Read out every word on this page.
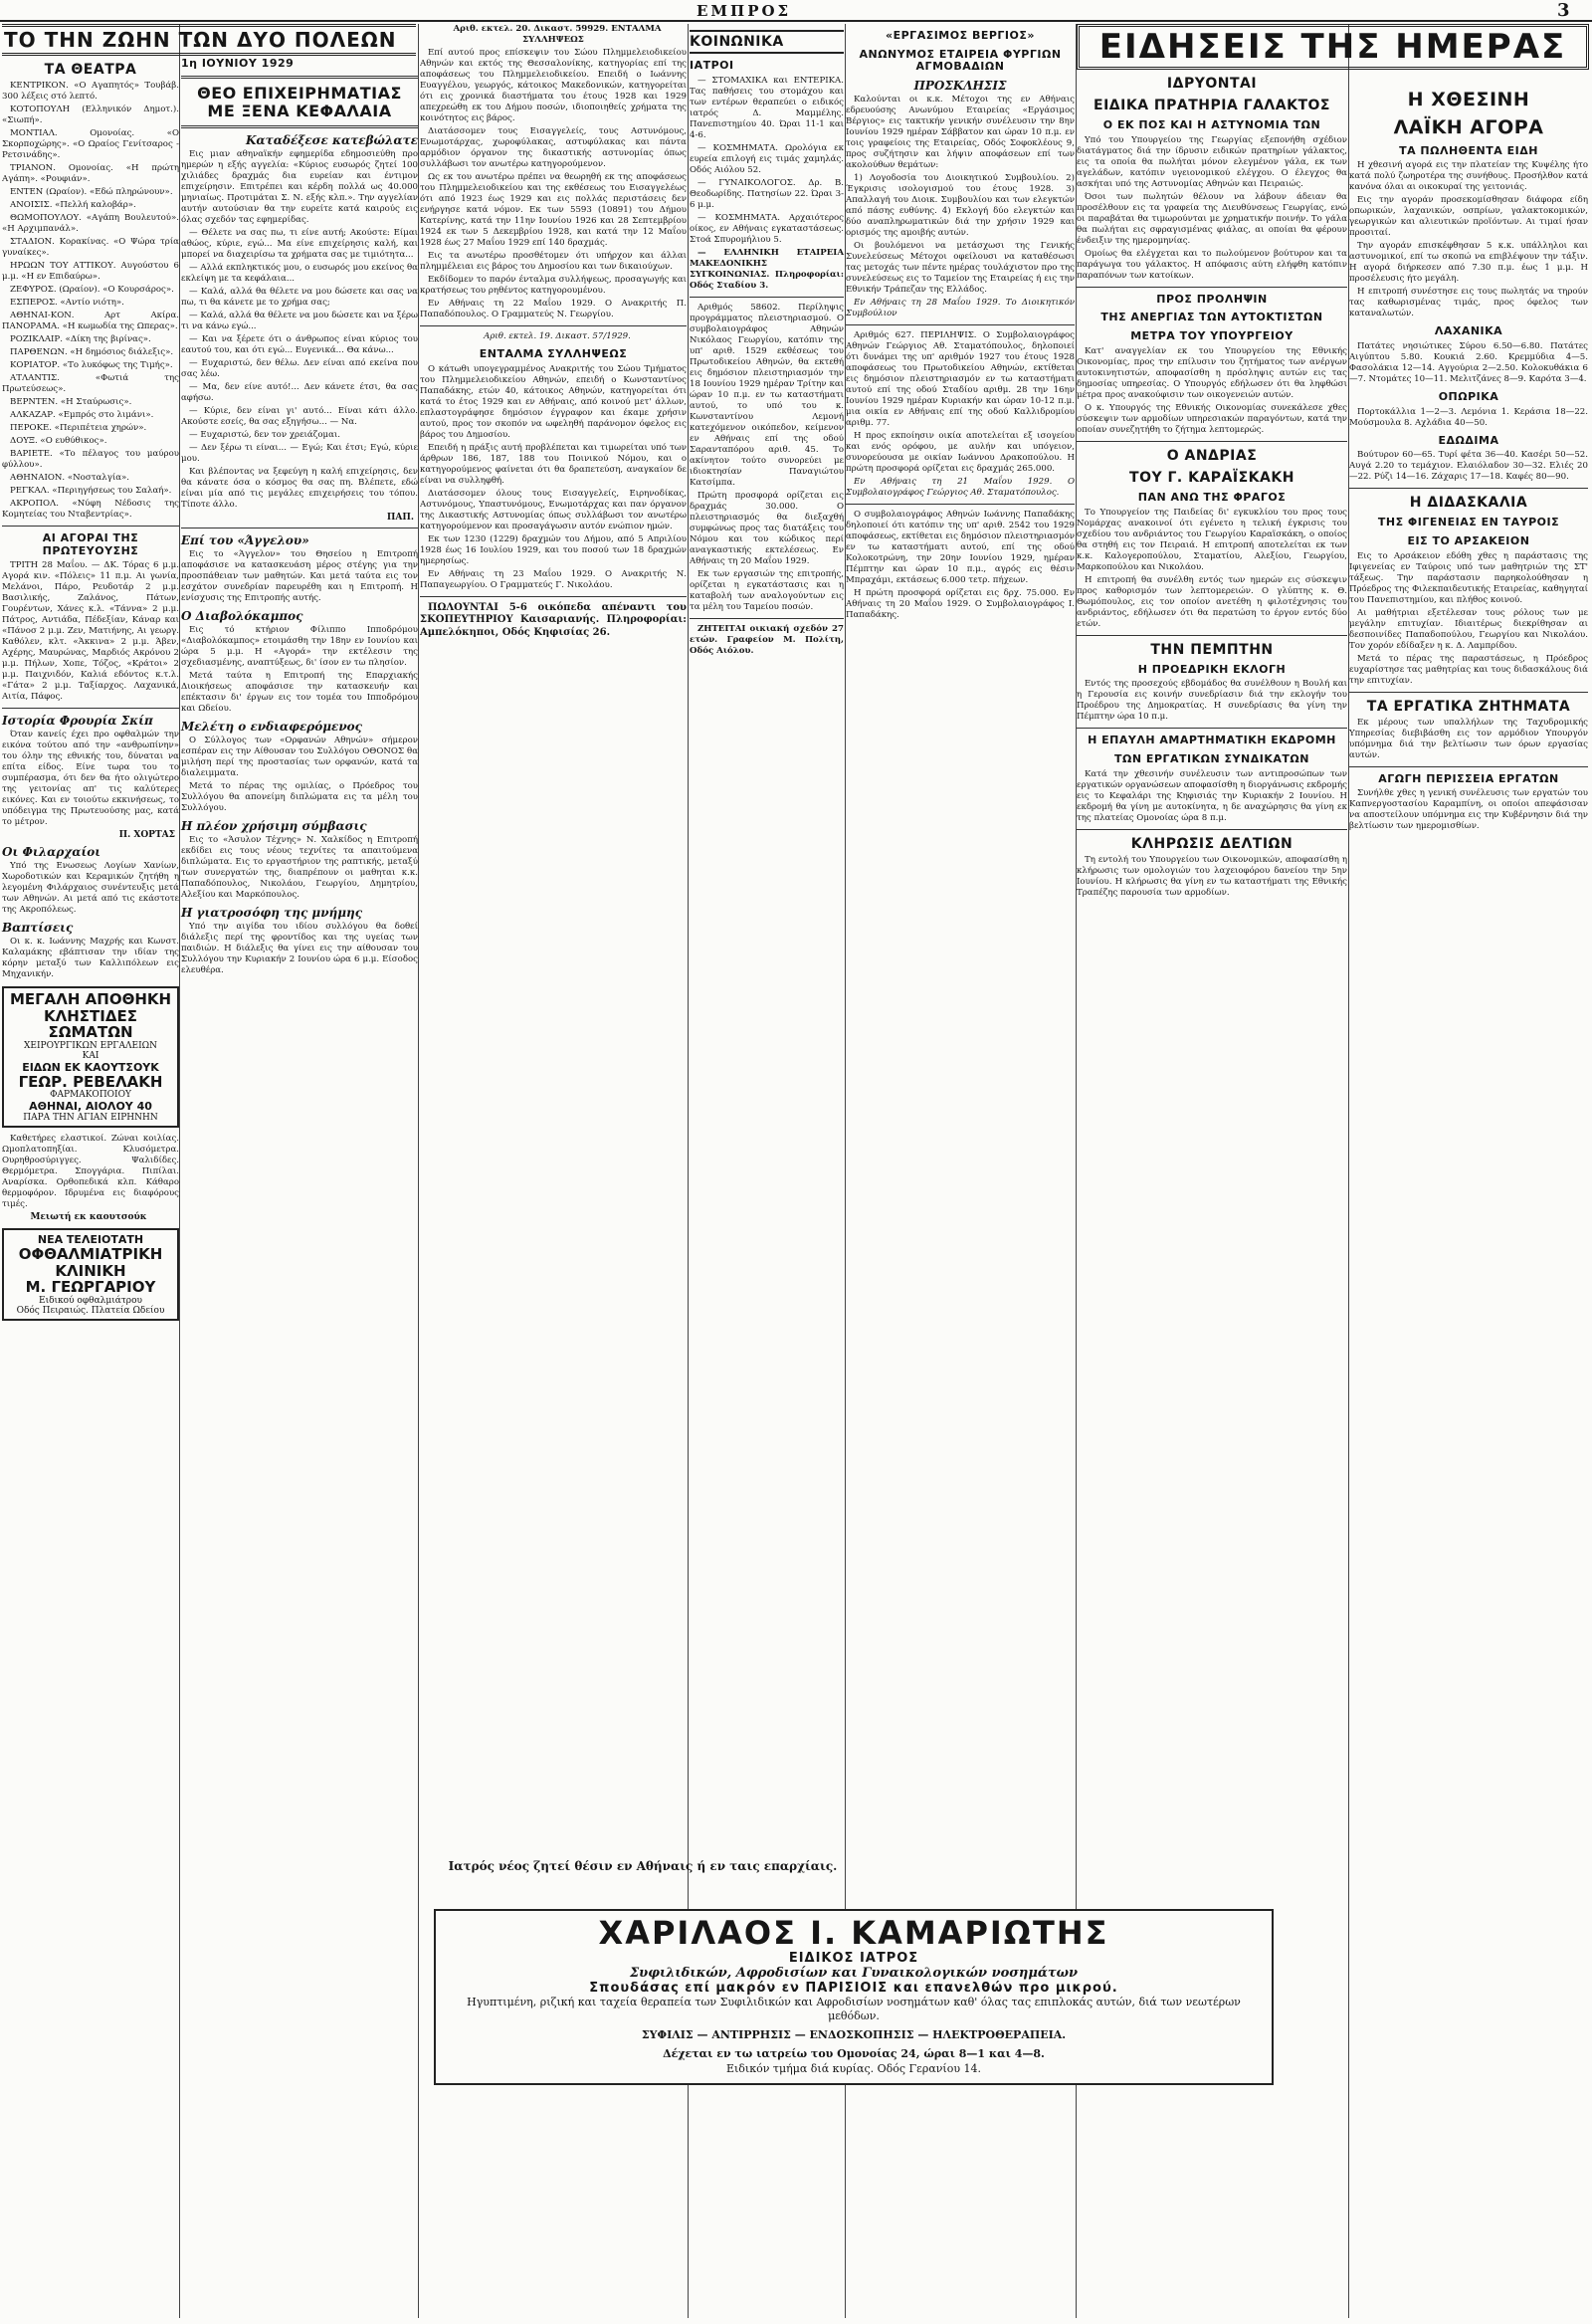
ΕΜΠΡΟΣ	3
ΤΟ ΤΗΝ ΖΩΗΝ ΤΩΝ ΔΥΟ ΠΟΛΕΩΝ
ΤΑ ΘΕΑΤΡΑ

ΚΕΝΤΡΙΚΟΝ. «Ο Αγαπητός» Τουβάβ. 300 λέξεις στό λεπτό.

ΚΟΤΟΠΟΥΛΗ (Ελληνικόν Δημοτ.). «Σιωπή».

ΜΟΝΤΙΑΛ. Ομονοίας. «Ο Σκορποχώρης». «Ο Ωραίος Γενίτσαρος - Ρετσινάδης».

ΤΡΙΑΝΟΝ. Ομονοίας. «Η πρώτη Αγάπη». «Ρουφιάν».

ΕΝΤΕΝ (Ωραίον). «Εδώ πληρώνουν».

ΑΝΟΙΣΙΣ. «Πελλή καλοβάρ».

ΘΩΜΟΠΟΥΛΟΥ. «Αγάπη Βουλευτού». «Η Αρχιμπανάλ».

ΣΤΑΔΙΟΝ. Κορακίνας. «Ο Ψώρα τρία γυναίκες».

ΗΡΩΩΝ ΤΟΥ ΑΤΤΙΚΟΥ. Αυγούστου 6 μ.μ. «Η εν Επιδαύρω».

ΖΕΦΥΡΟΣ. (Ωραίον). «Ο Κουρσάρος».

ΕΣΠΕΡΟΣ. «Αντίο νιότη».

ΑΘΗΝΑΙ-ΚΟΝ. Αρτ Ακίρα. ΠΑΝΟΡΑΜΑ. «Η κωμωδία της Ωπερας».

ΡΟΖΙΚΛΑΙΡ. «Δίκη της βιρίνας».

ΠΑΡΘΕΝΩΝ. «Η δημόσιος διάλεξις».

ΚΟΡΙΑΤΟΡ. «Το λυκόφως της Τιμής».

ΑΤΛΑΝΤΙΣ. «Φωτιά της Πρωτεύσεως».

ΒΕΡΝΤΕΝ. «Η Σταύρωσις».

ΑΛΚΑΖΑΡ. «Εμπρός στο λιμάνι».

ΠΕΡΟΚΕ. «Περιπέτεια χηρών».

ΔΟΥΞ. «Ο ευθύθικος».

ΒΑΡΙΕΤΕ. «Το πέλαγος του μαύρου φύλλου».

ΑΘΗΝΑΙΟΝ. «Νοσταλγία».

ΡΕΓΚΑΛ. «Περιηγήσεως του Σαλαή».

ΑΚΡΟΠΟΛ. «Νύφη Νέδοσις της Κομητείας του Νταβεντρίας».

ΑΙ ΑΓΟΡΑΙ ΤΗΣ ΠΡΩΤΕΥΟΥΣΗΣ

ΤΡΙΤΗ 28 Μαΐου. — ΔΚ. Τόρας 6 μ.μ. Αγορά κιν. «Πόλεις» 11 π.μ. Αι γωνία, Μελάνοι, Πάρο, Ρευδοτάρ 2 μ.μ. Βασιλικής, Ζαλάνος, Πάτων, Γουρέντων, Χάνες κ.λ. «Τάννα» 2 μ.μ. Πάτρος, Αντιάδα, Πέδεξίαν, Κάναρ και «Πάνοσ 2 μ.μ. Ζεν, Ματιήνης, Αι γεωργ. Καθόλεν, κλτ. «Άκκινα» 2 μ.μ. Άβεν, Αχέρης, Μαυρώνας, Μαρδιός Ακρόνου 2 μ.μ. Πήλων, Χοπε, Τόζος, «Κράτοι» 2 μ.μ. Παιχνιδόν, Καλιά εδόντος κ.τ.λ. «Γάτα» 2 μ.μ. Ταξίαρχος. Λαχανικά, Αιτία, Πάφος.

Ιστορία Φρουρία Σκίπ

Όταν κανείς έχει προ οφθαλμών την εικόνα τούτου από την «ανθρωπίνην» του όλην της εθνικής του, δύναται να επίτα είδος. Είνε τωρα του το συμπέρασμα, ότι δεν θα ήτο ολιγώτερο της γειτονίας απ' τις καλύτερες εικόνες. Και εν τοιούτω εκκινήσεως, το υπόδειγμα της Πρωτευούσης μας, κατά το μέτρον.

Π. ΧΟΡΤΑΣ
Οι Φιλαρχαίοι

Υπό της Ενωσεως Λογίων Χανίων, Χωροδοτικών και Κεραμικών ζητήθη η λεγομένη Φιλάρχαιος συνέντευξις μετά των Αθηνών. Αι μετά από τις εκάστοτε της Ακροπόλεως.

Βαπτίσεις

Οι κ. κ. Ιωάννης Μαχρής και Κωνστ. Καλαμάκης εβάπτισαν την ιδίαν της κόρην μεταξύ των Καλλιπόλεων εις Μηχανικήν.

ΜΕΓΑΛΗ ΑΠΟΘΗΚΗ
ΚΛΗΣΤΙΔΕΣ ΣΩΜΑΤΩΝ
ΧΕΙΡΟΥΡΓΙΚΩΝ ΕΡΓΑΛΕΙΩΝ
ΚΑΙ
ΕΙΔΩΝ ΕΚ ΚΑΟΥΤΣΟΥΚ
ΓΕΩΡ. ΡΕΒΕΛΑΚΗ
ΦΑΡΜΑΚΟΠΟΙΟΥ
ΑΘΗΝΑΙ, ΑΙΟΛΟΥ 40
ΠΑΡΑ ΤΗΝ ΑΓΙΑΝ ΕΙΡΗΝΗΝ

Καθετήρες ελαστικοί. Ζώναι κοιλίας. Ωμοπλατοπηξίαι. Κλυσόμετρα. Ουρηθροσύριγγες. Ψαλιδίδες. Θερμόμετρα. Σπογγάρια. Πιπίλαι. Αναρίσκα. Ορθοπεδικά κλπ. Κάθαρο θερμοφόρον. Ιδρυμένα εις διαφόρους τιμές.

Μειωτή εκ καουτσούκ
ΝΕΑ ΤΕΛΕΙΟΤΑΤΗ
ΟΦΘΑΛΜΙΑΤΡΙΚΗ ΚΛΙΝΙΚΗ
Μ. ΓΕΩΡΓΑΡΙΟΥ
Ειδικού οφθαλμιάτρου
Οδός Πειραιώς. Πλατεία Ωδείου
1η ΙΟΥΝΙΟΥ 1929
ΘΕΟ ΕΠΙΧΕΙΡΗΜΑΤΙΑΣ ΜΕ ΞΕΝΑ ΚΕΦΑΛΑΙΑ
Καταδέξεσε κατεβώλατε

Εις μιαν αθηναϊκήν εφημερίδα εδημοσιεύθη προ ημερών η εξής αγγελία: «Κύριος ευσωρός ζητεί 100 χιλιάδες δραχμάς δια ευρείαν και έντιμον επιχείρησιν. Επιτρέπει και κέρδη πολλά ως 40.000 μηνιαίως. Προτιμάται Σ. Ν. εξής κλπ.». Την αγγελίαν αυτήν αυτούσιαν θα την ευρείτε κατά καιρούς εις όλας σχεδόν τας εφημερίδας.

— Θέλετε να σας πω, τι είνε αυτή; Ακούστε: Είμαι αθώος, κύριε, εγώ... Μα είνε επιχείρησις καλή, και μπορεί να διαχειρίσω τα χρήματα σας με τιμιότητα...

— Αλλά εκπληκτικός μου, ο ευσωρός μου εκείνος θα εκλείψη με τα κεφάλαια...

— Καλά, αλλά θα θέλετε να μου δώσετε και σας να πω, τι θα κάνετε με το χρήμα σας;

— Καλά, αλλά θα θέλετε να μου δώσετε και να ξέρω τι να κάνω εγώ...

— Και να ξέρετε ότι ο άνθρωπος είναι κύριος του εαυτού του, και ότι εγώ... Ευγενικά... Θα κάνω...

— Ευχαριστώ, δεν θέλω. Δεν είναι από εκείνα που σας λέω.

— Μα, δεν είνε αυτό!... Δεν κάνετε έτσι, θα σας αφήσω.

— Κύριε, δεν είναι γι' αυτό... Είναι κάτι άλλο. Ακούστε εσείς, θα σας εξηγήσω... — Να.

— Ευχαριστώ, δεν τον χρειάζομαι.

— Δεν ξέρω τι είναι... — Εγώ; Και έτσι; Εγώ, κύριε μου.

Και βλέποντας να ξεφεύγη η καλή επιχείρησις, δεν θα κάνατε όσα ο κόσμος θα σας πη. Βλέπετε, εδώ είναι μία από τις μεγάλες επιχειρήσεις του τόπου. Τίποτε άλλο.

ΠΑΠ.
Επί του «Άγγελου»

Εις το «Άγγελον» του Θησείου η Επιτροπή αποφάσισε να κατασκευάση μέρος στέγης για την προσπάθειαν των μαθητών. Και μετά ταύτα εις τον εσχάτον συνεδρίαν παρευρέθη και η Επιτροπή. Η ενίσχυσις της Επιτροπής αυτής.

Ο Διαβολόκαμπος

Εις τό κτήριον Φίλιππο Ιπποδρόμου «Διαβολόκαμπος» ετοιμάσθη την 18ην εν Ιουνίου και ώρα 5 μ.μ. Η «Αγορά» την εκτέλεσιν της σχεδιασμένης, αναπτύξεως, δι' ίσον εν τω πλησίον.

Μετά ταύτα η Επιτροπή της Επαρχιακής Διοικήσεως αποφάσισε την κατασκευήν και επέκτασιν δι' έργων εις τον τομέα του Ιπποδρόμου και Ωδείου.

Μελέτη ο ενδιαφερόμενος

Ο Σύλλογος των «Ορφανών Αθηνών» σήμερον εσπέραν εις την Αίθουσαν του Συλλόγου ΟΘΟΝΟΣ θα μιλήση περί της προστασίας των ορφανών, κατά τα διαλειμματα.

Μετά το πέρας της ομιλίας, ο Πρόεδρος του Συλλόγου θα απονείμη διπλώματα εις τα μέλη του Συλλόγου.

Η πλέον χρήσιμη σύμβασις

Εις το «Άσυλον Τέχνης» Ν. Χαλκίδος η Επιτροπή εκδίδει εις τους νέους τεχνίτες τα απαιτούμενα διπλώματα. Εις το εργαστήριον της ραπτικής, μεταξύ των συνεργατών της, διαπρέπουν οι μαθηται κ.κ. Παπαδόπουλος, Νικολάου, Γεωργίου, Δημητρίου, Αλεξίου και Μαρκόπουλος.

Η γιατροσόφη της μνήμης

Υπό την αιγίδα του ιδίου συλλόγου θα δοθεί διάλεξις περί της φροντίδος και της υγείας των παιδιών. Η διάλεξις θα γίνει εις την αίθουσαν του Συλλόγου την Κυριακήν 2 Ιουνίου ώρα 6 μ.μ. Είσοδος ελευθέρα.

Αριθ. εκτελ. 20. Δικαστ. 59929. ΕΝΤΑΛΜΑ ΣΥΛΛΗΨΕΩΣ

Επί αυτού προς επίσκεψιν του Σώου Πλημμελειοδικείου Αθηνών και εκτός της Θεσσαλονίκης, κατηγορίας επί της αποφάσεως του Πλημμελειοδικείου. Επειδή ο Ιωάννης Ευαγγέλου, γεωργός, κάτοικος Μακεδονικών, κατηγορείται ότι εις χρονικά διαστήματα του έτους 1928 και 1929 απεχρεώθη εκ του Δήμου ποσών, ιδιοποιηθείς χρήματα της κοινότητος εις βάρος.

Διατάσσομεν τους Εισαγγελείς, τους Αστυνόμους, Ενωμοτάρχας, χωροφύλακας, αστυφύλακας και πάντα αρμόδιον όργανον της δικαστικής αστυνομίας όπως συλλάβωσι τον ανωτέρω κατηγορούμενον.

Ως εκ του ανωτέρω πρέπει να θεωρηθή εκ της αποφάσεως του Πλημμελειοδικείου και της εκθέσεως του Εισαγγελέως ότι από 1923 έως 1929 και εις πολλάς περιστάσεις δεν ενήργησε κατά νόμον. Εκ των 5593 (10891) του Δήμου Κατερίνης, κατά την 11ην Ιουνίου 1926 και 28 Σεπτεμβρίου 1924 εκ των 5 Δεκεμβρίου 1928, και κατά την 12 Μαΐου 1928 έως 27 Μαΐου 1929 επί 140 δραχμάς.

Εις τα ανωτέρω προσθέτομεν ότι υπήρχον και άλλαι πλημμέλειαι εις βάρος του Δημοσίου και των δικαιούχων.

Εκδίδομεν το παρόν ένταλμα συλλήψεως, προσαγωγής και κρατήσεως του ρηθέντος κατηγορουμένου.

Εν Αθήναις τη 22 Μαΐου 1929. Ο Ανακριτής Π. Παπαδόπουλος. Ο Γραμματεύς Ν. Γεωργίου.

Αριθ. εκτελ. 19. Δικαστ. 57/1929.

ΕΝΤΑΛΜΑ ΣΥΛΛΗΨΕΩΣ

Ο κάτωθι υπογεγραμμένος Ανακριτής του Σώου Τμήματος του Πλημμελειοδικείου Αθηνών, επειδή ο Κωνσταντίνος Παπαδάκης, ετών 40, κάτοικος Αθηνών, κατηγορείται ότι κατά το έτος 1929 και εν Αθήναις, από κοινού μετ' άλλων, επλαστογράφησε δημόσιον έγγραφον και έκαμε χρήσιν αυτού, προς τον σκοπόν να ωφεληθή παράνομον όφελος εις βάρος του Δημοσίου.

Επειδή η πράξις αυτή προβλέπεται και τιμωρείται υπό των άρθρων 186, 187, 188 του Ποινικού Νόμου, και ο κατηγορούμενος φαίνεται ότι θα δραπετεύση, αναγκαίον δε είναι να συλληφθή.

Διατάσσομεν όλους τους Εισαγγελείς, Ειρηνοδίκας, Αστυνόμους, Υπαστυνόμους, Ενωμοτάρχας και παν όργανον της Δικαστικής Αστυνομίας όπως συλλάβωσι τον ανωτέρω κατηγορούμενον και προσαγάγωσιν αυτόν ενώπιον ημών.

Εκ των 1230 (1229) δραχμών του Δήμου, από 5 Απριλίου 1928 έως 16 Ιουλίου 1929, και του ποσού των 18 δραχμών ημερησίως.

Εν Αθήναις τη 23 Μαΐου 1929. Ο Ανακριτής Ν. Παπαγεωργίου. Ο Γραμματεύς Γ. Νικολάου.

ΠΩΛΟΥΝΤΑΙ 5-6 οικόπεδα απέναντι του ΣΚΟΠΕΥΤΗΡΙΟΥ Καισαριανής. Πληροφορίαι: Αμπελόκηποι, Οδός Κηφισίας 26.

ΚΟΙΝΩΝΙΚΑ
ΙΑΤΡΟΙ

— ΣΤΟΜΑΧΙΚΑ και ΕΝΤΕΡΙΚΑ. Τας παθήσεις του στομάχου και των εντέρων θεραπεύει ο ειδικός ιατρός Δ. Μαμμέλης. Πανεπιστημίου 40. Ώραι 11-1 και 4-6.

— ΚΟΣΜΗΜΑΤΑ. Ωρολόγια εκ ευρεία επιλογή εις τιμάς χαμηλάς. Οδός Αιόλου 52.

— ΓΥΝΑΙΚΟΛΟΓΟΣ. Δρ. Β. Θεοδωρίδης. Πατησίων 22. Ώραι 3-6 μ.μ.

— ΚΟΣΜΗΜΑΤΑ. Αρχαιότερος οίκος, εν Αθήναις εγκαταστάσεως. Στοά Σπυρομήλιου 5.

— ΕΛΛΗΝΙΚΗ ΕΤΑΙΡΕΙΑ ΜΑΚΕΔΟΝΙΚΗΣ ΣΥΓΚΟΙΝΩΝΙΑΣ. Πληροφορίαι: Οδός Σταδίου 3.

Αριθμός 58602. Περίληψις προγράμματος πλειστηριασμού. Ο συμβολαιογράφος Αθηνών Νικόλαος Γεωργίου, κατόπιν της υπ' αριθ. 1529 εκθέσεως του Πρωτοδικείου Αθηνών, θα εκτεθή εις δημόσιον πλειστηριασμόν την 18 Ιουνίου 1929 ημέραν Τρίτην και ώραν 10 π.μ. εν τω καταστήματι αυτού, το υπό του κ. Κωνσταντίνου Λεμονή κατεχόμενον οικόπεδον, κείμενον εν Αθήναις επί της οδού Σαρανταπόρου αριθ. 45. Το ακίνητον τούτο συνορεύει με ιδιοκτησίαν Παναγιώτου Κατσίμπα.

Πρώτη προσφορά ορίζεται εις δραχμάς 30.000. Ο πλειστηριασμός θα διεξαχθή συμφώνως προς τας διατάξεις του Νόμου και του κώδικος περί αναγκαστικής εκτελέσεως. Εν Αθήναις τη 20 Μαΐου 1929.

Εκ των εργασιών της επιτροπής, ορίζεται η εγκατάστασις και η καταβολή των αναλογούντων εις τα μέλη του Ταμείου ποσών.

ΖΗΤΕΙΤΑΙ οικιακή σχεδόν 27 ετών. Γραφείον Μ. Πολίτη, Οδός Αιόλου.

«ΕΡΓΑΣΙΜΟΣ ΒΕΡΓΙΟΣ»
ΑΝΩΝΥΜΟΣ ΕΤΑΙΡΕΙΑ ΦΥΡΓΙΩΝ ΑΓΜΟΒΑΔΙΩΝ
ΠΡΟΣΚΛΗΣΙΣ

Καλούνται οι κ.κ. Μέτοχοι της εν Αθήναις εδρευούσης Ανωνύμου Εταιρείας «Εργάσιμος Βέργιος» εις τακτικήν γενικήν συνέλευσιν την 8ην Ιουνίου 1929 ημέραν Σάββατον και ώραν 10 π.μ. εν τοις γραφείοις της Εταιρείας, Οδός Σοφοκλέους 9, προς συζήτησιν και λήψιν αποφάσεων επί των ακολούθων θεμάτων:

1) Λογοδοσία του Διοικητικού Συμβουλίου. 2) Έγκρισις ισολογισμού του έτους 1928. 3) Απαλλαγή του Διοικ. Συμβουλίου και των ελεγκτών από πάσης ευθύνης. 4) Εκλογή δύο ελεγκτών και δύο αναπληρωματικών διά την χρήσιν 1929 και ορισμός της αμοιβής αυτών.

Οι βουλόμενοι να μετάσχωσι της Γενικής Συνελεύσεως Μέτοχοι οφείλουσι να καταθέσωσι τας μετοχάς των πέντε ημέρας τουλάχιστον προ της συνελεύσεως εις το Ταμείον της Εταιρείας ή εις την Εθνικήν Τράπεζαν της Ελλάδος.

Εν Αθήναις τη 28 Μαΐου 1929. Το Διοικητικόν Συμβούλιον

Αριθμός 627. ΠΕΡΙΛΗΨΙΣ. Ο Συμβολαιογράφος Αθηνών Γεώργιος Αθ. Σταματόπουλος, δηλοποιεί ότι δυνάμει της υπ' αριθμόν 1927 του έτους 1928 αποφάσεως του Πρωτοδικείου Αθηνών, εκτίθεται εις δημόσιον πλειστηριασμόν εν τω καταστήματι αυτού επί της οδού Σταδίου αριθμ. 28 την 16ην Ιουνίου 1929 ημέραν Κυριακήν και ώραν 10-12 π.μ. μια οικία εν Αθήναις επί της οδού Καλλιδρομίου αριθμ. 77.

Η προς εκποίησιν οικία αποτελείται εξ ισογείου και ενός ορόφου, με αυλήν και υπόγειον, συνορεύουσα με οικίαν Ιωάννου Δρακοπούλου. Η πρώτη προσφορά ορίζεται εις δραχμάς 265.000.

Εν Αθήναις τη 21 Μαΐου 1929. Ο Συμβολαιογράφος Γεώργιος Αθ. Σταματόπουλος.

Ο συμβολαιογράφος Αθηνών Ιωάννης Παπαδάκης δηλοποιεί ότι κατόπιν της υπ' αριθ. 2542 του 1929 αποφάσεως, εκτίθεται εις δημόσιον πλειστηριασμόν εν τω καταστήματι αυτού, επί της οδού Κολοκοτρώνη, την 20ην Ιουνίου 1929, ημέραν Πέμπτην και ώραν 10 π.μ., αγρός εις θέσιν Μπραχάμι, εκτάσεως 6.000 τετρ. πήχεων.

Η πρώτη προσφορά ορίζεται εις δρχ. 75.000. Εν Αθήναις τη 20 Μαΐου 1929. Ο Συμβολαιογράφος Ι. Παπαδάκης.

ΕΙΔΗΣΕΙΣ ΤΗΣ ΗΜΕΡΑΣ
ΙΔΡΥΟΝΤΑΙ
ΕΙΔΙΚΑ ΠΡΑΤΗΡΙΑ ΓΑΛΑΚΤΟΣ
Ο ΕΚ ΠΟΣ ΚΑΙ Η ΑΣΤΥΝΟΜΙΑ ΤΩΝ

Υπό του Υπουργείου της Γεωργίας εξεπονήθη σχέδιον διατάγματος διά την ίδρυσιν ειδικών πρατηρίων γάλακτος, εις τα οποία θα πωλήται μόνον ελεγμένον γάλα, εκ των αγελάδων, κατόπιν υγειονομικού ελέγχου. Ο έλεγχος θα ασκήται υπό της Αστυνομίας Αθηνών και Πειραιώς.

Όσοι των πωλητών θέλουν να λάβουν άδειαν θα προσέλθουν εις τα γραφεία της Διευθύνσεως Γεωργίας, ενώ οι παραβάται θα τιμωρούνται με χρηματικήν ποινήν. Το γάλα θα πωλήται εις σφραγισμένας φιάλας, αι οποίαι θα φέρουν ένδειξιν της ημερομηνίας.

Ομοίως θα ελέγχεται και το πωλούμενον βούτυρον και τα παράγωγα του γάλακτος. Η απόφασις αύτη ελήφθη κατόπιν παραπόνων των κατοίκων.

ΠΡΟΣ ΠΡΟΛΗΨΙΝ
ΤΗΣ ΑΝΕΡΓΙΑΣ ΤΩΝ ΑΥΤΟΚΤΙΣΤΩΝ
ΜΕΤΡΑ ΤΟΥ ΥΠΟΥΡΓΕΙΟΥ

Κατ' αναγγελίαν εκ του Υπουργείου της Εθνικής Οικονομίας, προς την επίλυσιν του ζητήματος των ανέργων αυτοκινητιστών, αποφασίσθη η πρόσληψις αυτών εις τας δημοσίας υπηρεσίας. Ο Υπουργός εδήλωσεν ότι θα ληφθώσι μέτρα προς ανακούφισιν των οικογενειών αυτών.

Ο κ. Υπουργός της Εθνικής Οικονομίας συνεκάλεσε χθες σύσκεψιν των αρμοδίων υπηρεσιακών παραγόντων, κατά την οποίαν συνεζητήθη το ζήτημα λεπτομερώς.

Ο ΑΝΔΡΙΑΣ
ΤΟΥ Γ. ΚΑΡΑΪΣΚΑΚΗ
ΠΑΝ ΑΝΩ ΤΗΣ ΦΡΑΓΟΣ

Το Υπουργείον της Παιδείας δι' εγκυκλίου του προς τους Νομάρχας ανακοινοί ότι εγένετο η τελική έγκρισις του σχεδίου του ανδριάντος του Γεωργίου Καραϊσκάκη, ο οποίος θα στηθή εις τον Πειραιά. Η επιτροπή αποτελείται εκ των κ.κ. Καλογεροπούλου, Σταματίου, Αλεξίου, Γεωργίου, Μαρκοπούλου και Νικολάου.

Η επιτροπή θα συνέλθη εντός των ημερών εις σύσκεψιν προς καθορισμόν των λεπτομερειών. Ο γλύπτης κ. Θ. Θωμόπουλος, εις τον οποίον ανετέθη η φιλοτέχνησις του ανδριάντος, εδήλωσεν ότι θα περατώση το έργον εντός δύο ετών.

ΤΗΝ ΠΕΜΠΤΗΝ
Η ΠΡΟΕΔΡΙΚΗ ΕΚΛΟΓΗ

Εντός της προσεχούς εβδομάδος θα συνέλθουν η Βουλή και η Γερουσία εις κοινήν συνεδρίασιν διά την εκλογήν του Προέδρου της Δημοκρατίας. Η συνεδρίασις θα γίνη την Πέμπτην ώρα 10 π.μ.

Η ΕΠΑΥΛΗ ΑΜΑΡΤΗΜΑΤΙΚΗ ΕΚΔΡΟΜΗ
ΤΩΝ ΕΡΓΑΤΙΚΩΝ ΣΥΝΔΙΚΑΤΩΝ

Κατά την χθεσινήν συνέλευσιν των αντιπροσώπων των εργατικών οργανώσεων αποφασίσθη η διοργάνωσις εκδρομής εις το Κεφαλάρι της Κηφισιάς την Κυριακήν 2 Ιουνίου. Η εκδρομή θα γίνη με αυτοκίνητα, η δε αναχώρησις θα γίνη εκ της πλατείας Ομονοίας ώρα 8 π.μ.

ΚΛΗΡΩΣΙΣ ΔΕΛΤΙΩΝ

Τη εντολή του Υπουργείου των Οικονομικών, αποφασίσθη η κλήρωσις των ομολογιών του λαχειοφόρου δανείου την 5ην Ιουνίου. Η κλήρωσις θα γίνη εν τω καταστήματι της Εθνικής Τραπέζης παρουσία των αρμοδίων.

Η ΧΘΕΣΙΝΗ
ΛΑΪΚΗ ΑΓΟΡΑ
ΤΑ ΠΩΛΗΘΕΝΤΑ ΕΙΔΗ

Η χθεσινή αγορά εις την πλατείαν της Κυψέλης ήτο κατά πολύ ζωηροτέρα της συνήθους. Προσήλθον κατά κανόνα όλαι αι οικοκυραί της γειτονιάς.

Εις την αγοράν προσεκομίσθησαν διάφορα είδη οπωρικών, λαχανικών, οσπρίων, γαλακτοκομικών, γεωργικών και αλιευτικών προϊόντων. Αι τιμαί ήσαν προσιταί.

Την αγοράν επισκέφθησαν 5 κ.κ. υπάλληλοι και αστυνομικοί, επί τω σκοπώ να επιβλέψουν την τάξιν. Η αγορά διήρκεσεν από 7.30 π.μ. έως 1 μ.μ. Η προσέλευσις ήτο μεγάλη.

Η επιτροπή συνέστησε εις τους πωλητάς να τηρούν τας καθωρισμένας τιμάς, προς όφελος των καταναλωτών.

ΛΑΧΑΝΙΚΑ

Πατάτες νησιώτικες Σύρου 6.50—6.80. Πατάτες Αιγύπτου 5.80. Κουκιά 2.60. Κρεμμύδια 4—5. Φασολάκια 12—14. Αγγούρια 2—2.50. Κολοκυθάκια 6—7. Ντομάτες 10—11. Μελιτζάνες 8—9. Καρότα 3—4.

ΟΠΩΡΙΚΑ

Πορτοκάλλια 1—2—3. Λεμόνια 1. Κεράσια 18—22. Μούσμουλα 8. Αχλάδια 40—50.

ΕΔΩΔΙΜΑ

Βούτυρον 60—65. Τυρί φέτα 36—40. Κασέρι 50—52. Αυγά 2.20 το τεμάχιον. Ελαιόλαδον 30—32. Ελιές 20—22. Ρύζι 14—16. Ζάχαρις 17—18. Καφές 80—90.

Η ΔΙΔΑΣΚΑΛΙΑ
ΤΗΣ ΦΙΓΕΝΕΙΑΣ ΕΝ ΤΑΥΡΟΙΣ
ΕΙΣ ΤΟ ΑΡΣΑΚΕΙΟΝ

Εις το Αρσάκειον εδόθη χθες η παράστασις της Ιφιγενείας εν Ταύροις υπό των μαθητριών της ΣΤ' τάξεως. Την παράστασιν παρηκολούθησαν η Πρόεδρος της Φιλεκπαιδευτικής Εταιρείας, καθηγηταί του Πανεπιστημίου, και πλήθος κοινού.

Αι μαθήτριαι εξετέλεσαν τους ρόλους των με μεγάλην επιτυχίαν. Ιδιαιτέρως διεκρίθησαν αι δεσποινίδες Παπαδοπούλου, Γεωργίου και Νικολάου. Τον χορόν εδίδαξεν η κ. Δ. Λαμπρίδου.

Μετά το πέρας της παραστάσεως, η Πρόεδρος ευχαρίστησε τας μαθητρίας και τους διδασκάλους διά την επιτυχίαν.

ΤΑ ΕΡΓΑΤΙΚΑ ΖΗΤΗΜΑΤΑ

Εκ μέρους των υπαλλήλων της Ταχυδρομικής Υπηρεσίας διεβιβάσθη εις τον αρμόδιον Υπουργόν υπόμνημα διά την βελτίωσιν των όρων εργασίας αυτών.

ΑΓΩΓΗ ΠΕΡΙΣΣΕΙΑ ΕΡΓΑΤΩΝ

Συνήλθε χθες η γενική συνέλευσις των εργατών του Καπνεργοστασίου Καραμπίνη, οι οποίοι απεφάσισαν να αποστείλουν υπόμνημα εις την Κυβέρνησιν διά την βελτίωσιν των ημερομισθίων.

Ιατρός νέος ζητεί θέσιν εν Αθήναις ή εν ταις επαρχίαις.
ΧΑΡΙΛΑΟΣ Ι. ΚΑΜΑΡΙΩΤΗΣ
ΕΙΔΙΚΟΣ ΙΑΤΡΟΣ
Συφιλιδικών, Αφροδισίων και Γυναικολογικών νοσημάτων
Σπουδάσας επί μακρόν εν ΠΑΡΙΣΙΟΙΣ και επανελθών προ μικρού.
Ηγυπτιμένη, ριζική και ταχεία θεραπεία των Συφιλιδικών και Αφροδισίων νοσημάτων καθ' όλας τας επιπλοκάς αυτών, διά των νεωτέρων μεθόδων.
ΣΥΦΙΛΙΣ — ΑΝΤΙΡΡΗΣΙΣ — ΕΝΔΟΣΚΟΠΗΣΙΣ — ΗΛΕΚΤΡΟΘΕΡΑΠΕΙΑ.
Δέχεται εν τω ιατρείω του Ομονοίας 24, ώραι 8—1 και 4—8.
Ειδικόν τμήμα διά κυρίας. Οδός Γερανίου 14.
